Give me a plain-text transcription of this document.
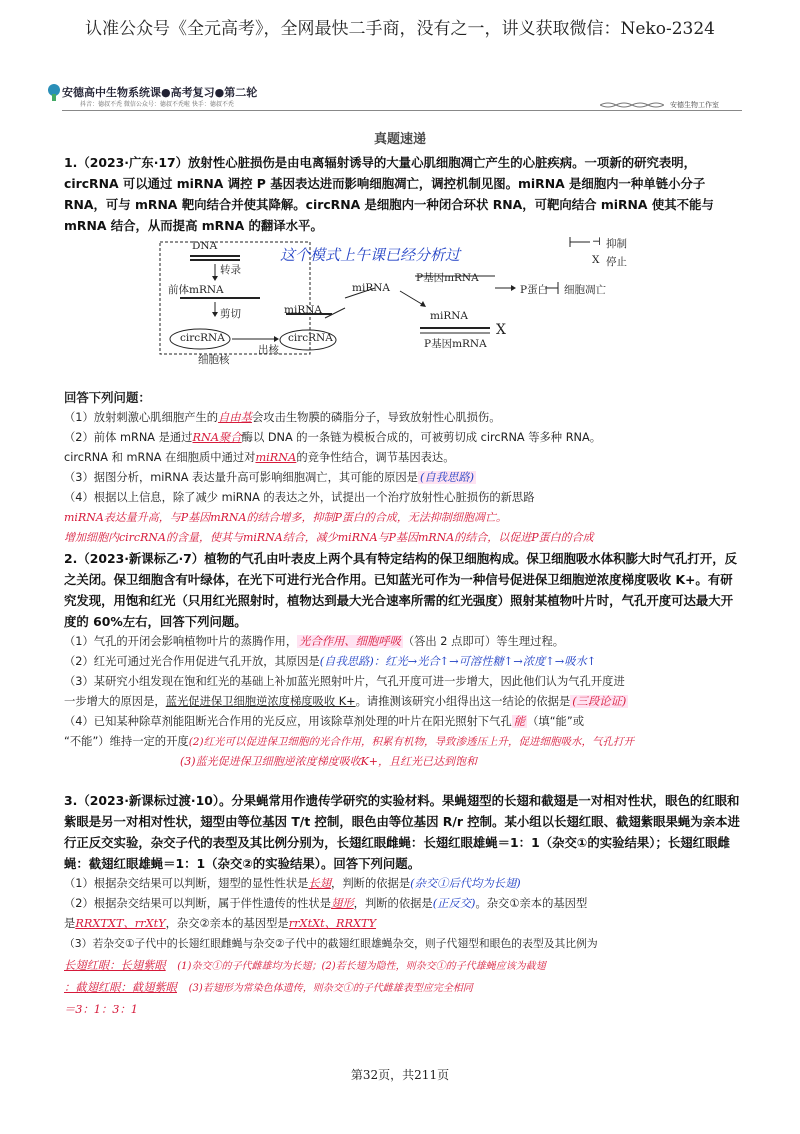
认准公众号《全元高考》，全网最快二手商，没有之一，讲义获取微信：Neko-2324
安德高中生物系统课●高考复习●第二轮
抖音：德叔不秃 微信公众号：德叔不秃啦 快手：德叔不秃	安德生物工作室
真题速递
1.（2023·广东·17）放射性心脏损伤是由电离辐射诱导的大量心肌细胞凋亡产生的心脏疾病。一项新的研究表明，circRNA 可以通过 miRNA 调控 P 基因表达进而影响细胞凋亡，调控机制见图。miRNA 是细胞内一种单链小分子 RNA，可与 mRNA 靶向结合并使其降解。circRNA 是细胞内一种闭合环状 RNA，可靶向结合 miRNA 使其不能与 mRNA 结合，从而提高 mRNA 的翻译水平。
DNA
转录
前体mRNA
剪切
circRNA
细胞核
出核
miRNA
circRNA
miRNA
P基因mRNA
P蛋白 细胞凋亡
miRNA
P基因mRNA
X
⊣ 抑制
X 停止
这个模式上午课已经分析过
回答下列问题：
（1）放射刺激心肌细胞产生的自由基会攻击生物膜的磷脂分子，导致放射性心肌损伤。
（2）前体 mRNA 是通过RNA聚合酶以 DNA 的一条链为模板合成的，可被剪切成 circRNA 等多种 RNA。
circRNA 和 mRNA 在细胞质中通过对miRNA的竞争性结合，调节基因表达。
（3）据图分析，miRNA 表达量升高可影响细胞凋亡，其可能的原因是 (自我思路)
（4）根据以上信息，除了减少 miRNA 的表达之外，试提出一个治疗放射性心脏损伤的新思路
miRNA表达量升高，与P基因mRNA的结合增多，抑制P蛋白的合成，无法抑制细胞凋亡。
增加细胞内circRNA的含量，使其与miRNA结合，减少miRNA与P基因mRNA的结合，以促进P蛋白的合成
2.（2023·新课标乙·7）植物的气孔由叶表皮上两个具有特定结构的保卫细胞构成。保卫细胞吸水体积膨大时气孔打开，反之关闭。保卫细胞含有叶绿体，在光下可进行光合作用。已知蓝光可作为一种信号促进保卫细胞逆浓度梯度吸收 K+。有研究发现，用饱和红光（只用红光照射时，植物达到最大光合速率所需的红光强度）照射某植物叶片时，气孔开度可达最大开度的 60%左右，回答下列问题。
（1）气孔的开闭会影响植物叶片的蒸腾作用， 光合作用、细胞呼吸 （答出 2 点即可）等生理过程。
（2）红光可通过光合作用促进气孔开放，其原因是(自我思路)：红光→光合↑→可溶性糖↑→浓度↑→吸水↑
（3）某研究小组发现在饱和红光的基础上补加蓝光照射叶片，气孔开度可进一步增大，因此他们认为气孔开度进
一步增大的原因是，蓝光促进保卫细胞逆浓度梯度吸收 K+。请推测该研究小组得出这一结论的依据是 (三段论证)
（4）已知某种除草剂能阻断光合作用的光反应，用该除草剂处理的叶片在阳光照射下气孔 能 （填“能”或
“不能”）维持一定的开度(2)红光可以促进保卫细胞的光合作用，积累有机物，导致渗透压上升，促进细胞吸水，气孔打开
(3)蓝光促进保卫细胞逆浓度梯度吸收K+，且红光已达到饱和
3.（2023·新课标过渡·10）。分果蝇常用作遗传学研究的实验材料。果蝇翅型的长翅和截翅是一对相对性状，眼色的红眼和紫眼是另一对相对性状，翅型由等位基因 T/t 控制，眼色由等位基因 R/r 控制。某小组以长翅红眼、截翅紫眼果蝇为亲本进行正反交实验，杂交子代的表型及其比例分别为，长翅红眼雌蝇：长翅红眼雄蝇＝1：1（杂交①的实验结果）；长翅红眼雌蝇：截翅红眼雄蝇＝1：1（杂交②的实验结果）。回答下列问题。
（1）根据杂交结果可以判断，翅型的显性性状是长翅，判断的依据是(杂交①后代均为长翅)
（2）根据杂交结果可以判断，属于伴性遗传的性状是翅形，判断的依据是(正反交)。杂交①亲本的基因型
是RRXTXT、rrXtY，杂交②亲本的基因型是rrXtXt、RRXTY
（3）若杂交①子代中的长翅红眼雌蝇与杂交②子代中的截翅红眼雄蝇杂交，则子代翅型和眼色的表型及其比例为
长翅红眼：长翅紫眼 (1)杂交①的子代雌雄均为长翅；(2)若长翅为隐性，则杂交①的子代雄蝇应该为截翅
：截翅红眼：截翅紫眼 (3)若翅形为常染色体遗传，则杂交①的子代雌雄表型应完全相同
＝3：1：3：1
第32页，共211页
